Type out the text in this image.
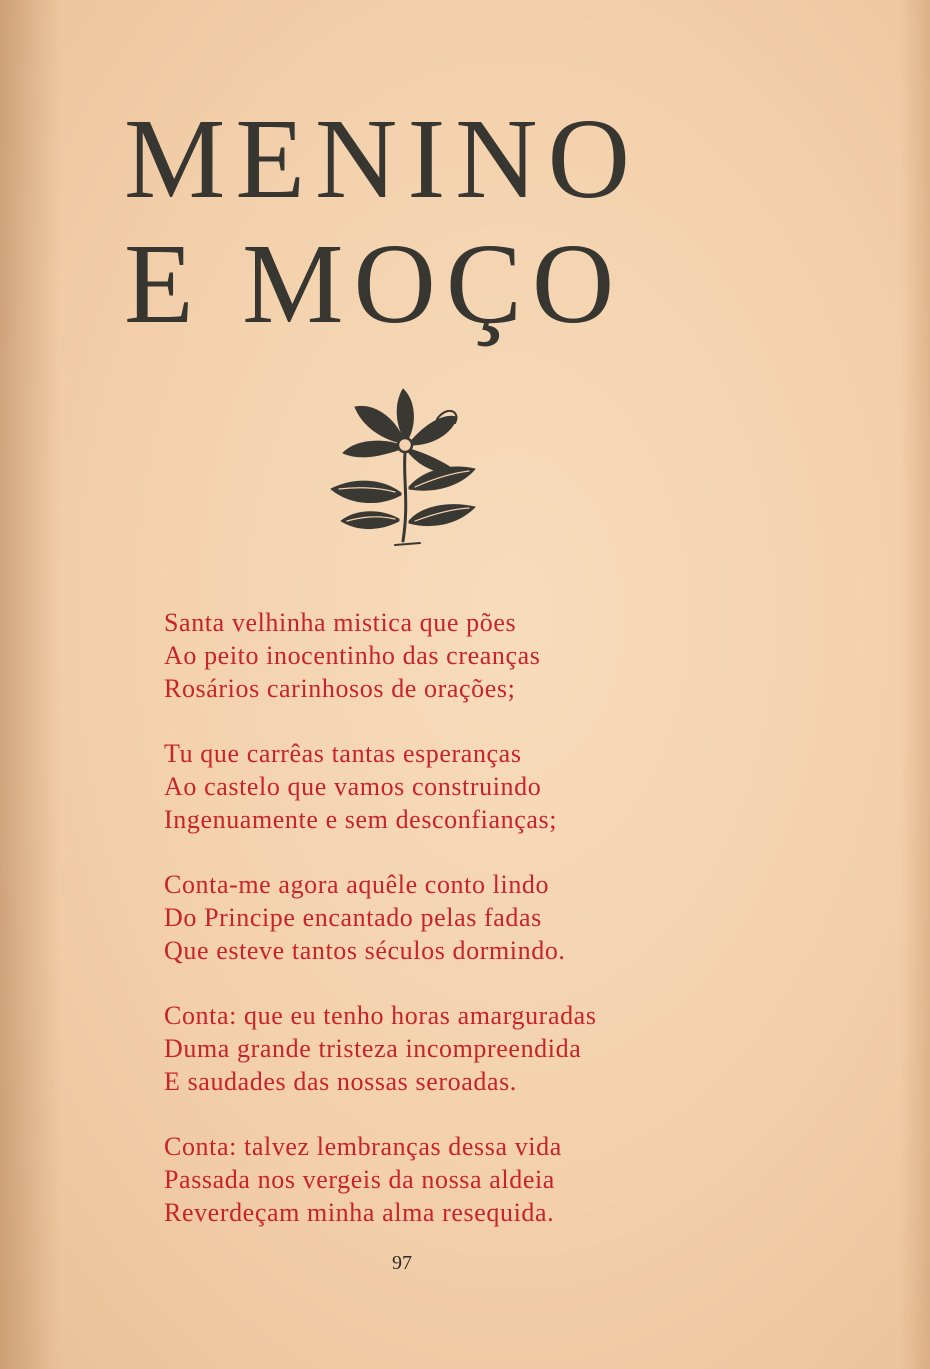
MENINO
E MOÇO
Santa velhinha mistica que pões
Ao peito inocentinho das creanças
Rosários carinhosos de orações;
Tu que carrêas tantas esperanças
Ao castelo que vamos construindo
Ingenuamente e sem desconfianças;
Conta-me agora aquêle conto lindo
Do Principe encantado pelas fadas
Que esteve tantos séculos dormindo.
Conta: que eu tenho horas amarguradas
Duma grande tristeza incompreendida
E saudades das nossas seroadas.
Conta: talvez lembranças dessa vida
Passada nos vergeis da nossa aldeia
Reverdeçam minha alma resequida.
97
